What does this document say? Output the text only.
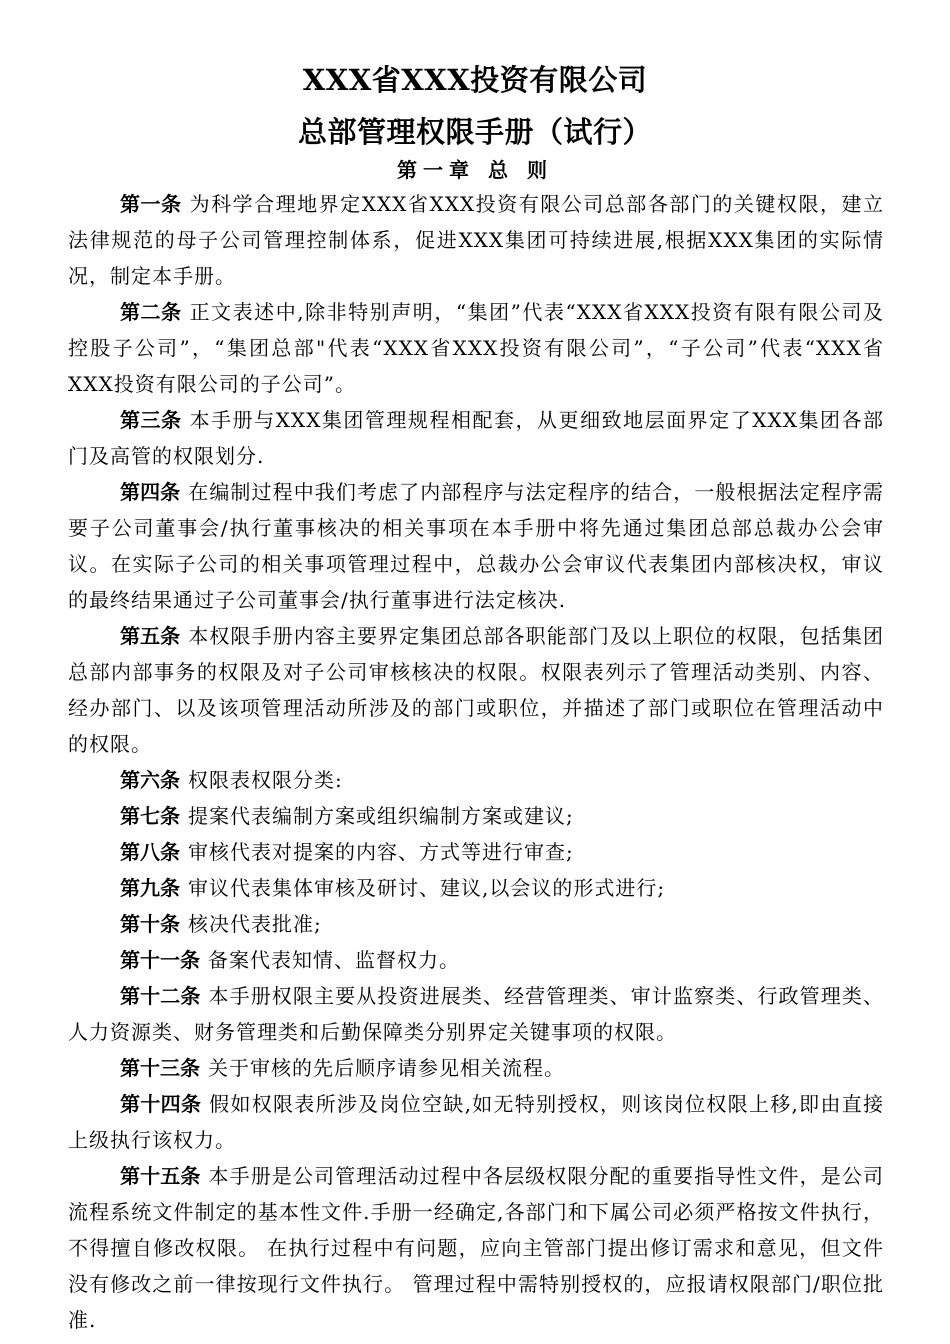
XXX省XXX投资有限公司
总部管理权限手册（试行）
第一章 总 则

第一条 为科学合理地界定XXX省XXX投资有限公司总部各部门的关键权限，建立法律规范的母子公司管理控制体系，促进XXX集团可持续进展,根据XXX集团的实际情况，制定本手册。

第二条 正文表述中,除非特别声明，“集团”代表“XXX省XXX投资有限有限公司及控股子公司”，“集团总部"代表“XXX省XXX投资有限公司”，“子公司”代表“XXX省XXX投资有限公司的子公司”。

第三条 本手册与XXX集团管理规程相配套，从更细致地层面界定了XXX集团各部门及高管的权限划分.

第四条 在编制过程中我们考虑了内部程序与法定程序的结合，一般根据法定程序需要子公司董事会/执行董事核决的相关事项在本手册中将先通过集团总部总裁办公会审议。在实际子公司的相关事项管理过程中，总裁办公会审议代表集团内部核决权，审议的最终结果通过子公司董事会/执行董事进行法定核决.

第五条 本权限手册内容主要界定集团总部各职能部门及以上职位的权限，包括集团总部内部事务的权限及对子公司审核核决的权限。权限表列示了管理活动类别、内容、经办部门、以及该项管理活动所涉及的部门或职位，并描述了部门或职位在管理活动中的权限。

第六条 权限表权限分类:

第七条 提案代表编制方案或组织编制方案或建议;

第八条 审核代表对提案的内容、方式等进行审查;

第九条 审议代表集体审核及研讨、建议,以会议的形式进行;

第十条 核决代表批准;

第十一条 备案代表知情、监督权力。

第十二条 本手册权限主要从投资进展类、经营管理类、审计监察类、行政管理类、人力资源类、财务管理类和后勤保障类分别界定关键事项的权限。

第十三条 关于审核的先后顺序请参见相关流程。

第十四条 假如权限表所涉及岗位空缺,如无特别授权，则该岗位权限上移,即由直接上级执行该权力。

第十五条 本手册是公司管理活动过程中各层级权限分配的重要指导性文件，是公司流程系统文件制定的基本性文件.手册一经确定,各部门和下属公司必须严格按文件执行，不得擅自修改权限。 在执行过程中有问题，应向主管部门提出修订需求和意见，但文件没有修改之前一律按现行文件执行。 管理过程中需特别授权的，应报请权限部门/职位批准.
